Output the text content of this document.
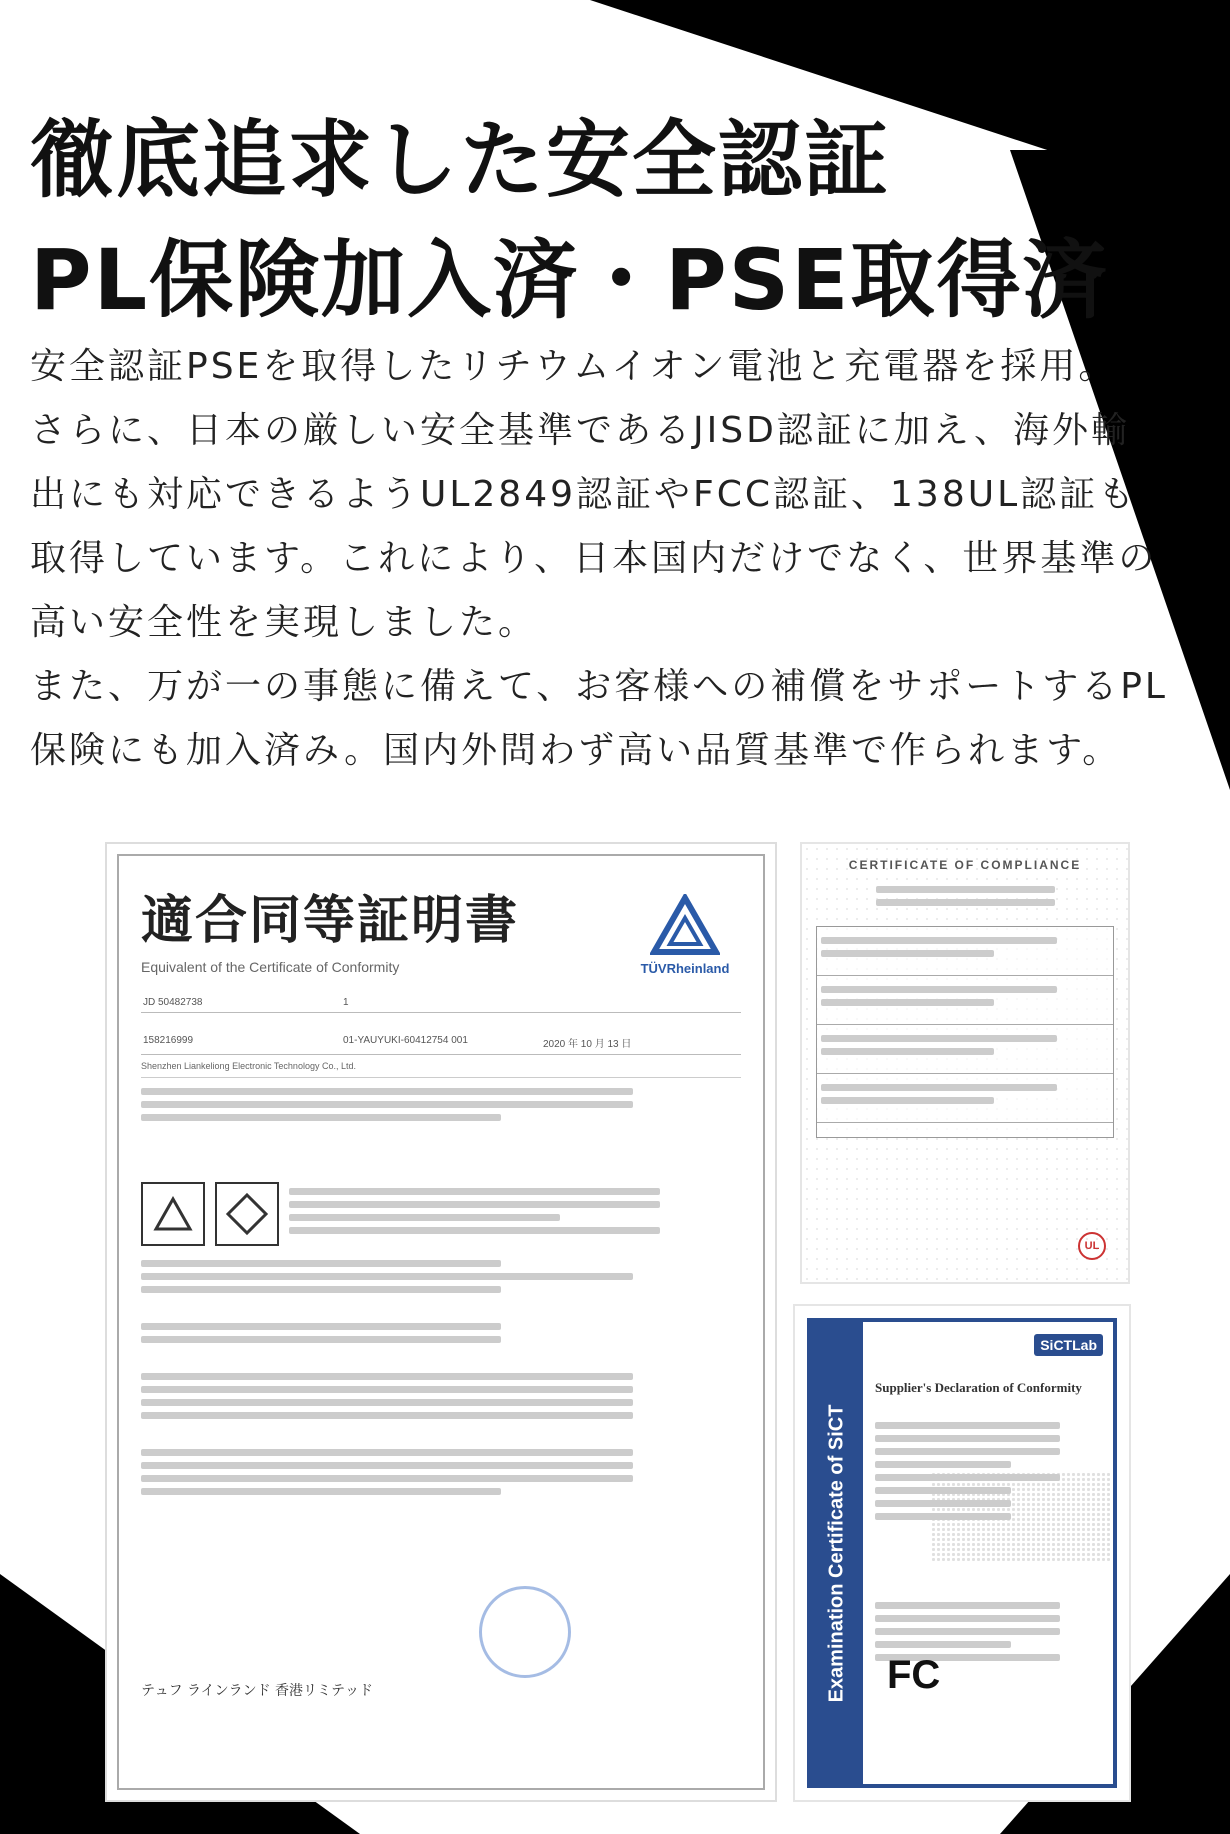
徹底追求した安全認証
PL保険加入済・PSE取得済

安全認証PSEを取得したリチウムイオン電池と充電器を採用。

さらに、日本の厳しい安全基準であるJISD認証に加え、海外輸

出にも対応できるようUL2849認証やFCC認証、138UL認証も

取得しています。これにより、日本国内だけでなく、世界基準の

高い安全性を実現しました。

また、万が一の事態に備えて、お客様への補償をサポートするPL

保険にも加入済み。国内外問わず高い品質基準で作られます。

適合同等証明書
Equivalent of the Certificate of Conformity	TÜVRheinland
JD 50482738	1
158216999	01-YAUYUKI-60412754 001	2020 年 10 月 13 日
Shenzhen Liankeliong Electronic Technology Co., Ltd.
テュフ ラインランド 香港リミテッド
CERTIFICATE OF COMPLIANCE
UL
Examination Certificate of SiCT
SiCTLab
Supplier's Declaration of Conformity
FC
